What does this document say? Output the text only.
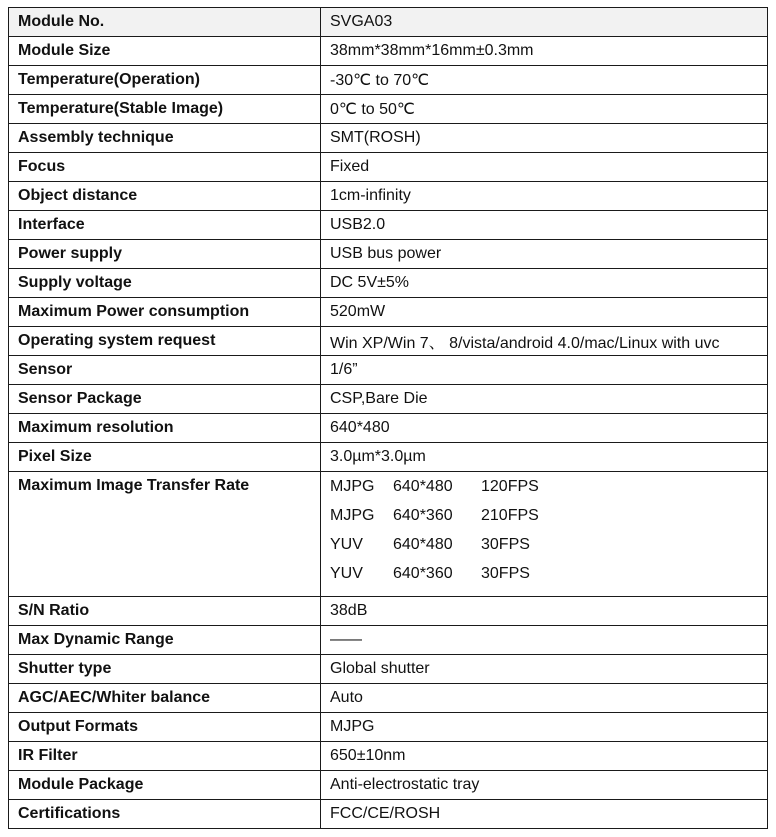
Module No.	SVGA03
Module Size	38mm*38mm*16mm±0.3mm
Temperature(Operation)	-30℃ to 70℃
Temperature(Stable Image)	0℃ to 50℃
Assembly technique	SMT(ROSH)
Focus	Fixed
Object distance	1cm-infinity
Interface	USB2.0
Power supply	USB bus power
Supply voltage	DC 5V±5%
Maximum Power consumption	520mW
Operating system request	Win XP/Win 7、 8/vista/android 4.0/mac/Linux with uvc
Sensor	1/6”
Sensor Package	CSP,Bare Die
Maximum resolution	640*480
Pixel Size	3.0µm*3.0µm
Maximum Image Transfer Rate	MJPG	640*480	120FPS
MJPG	640*360	210FPS
YUV	640*480	30FPS
YUV	640*360	30FPS

S/N Ratio	38dB
Max Dynamic Range	——
Shutter type	Global shutter
AGC/AEC/Whiter balance	Auto
Output Formats	MJPG
IR Filter	650±10nm
Module Package	Anti-electrostatic tray
Certifications	FCC/CE/ROSH
